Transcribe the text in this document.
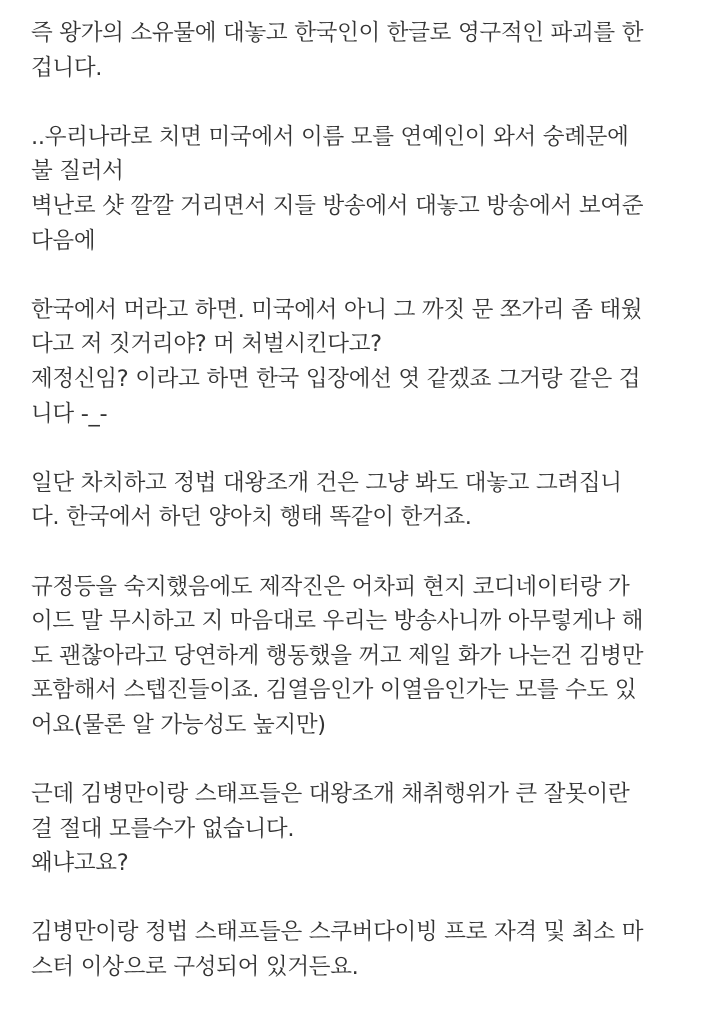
즉 왕가의 소유물에 대놓고 한국인이 한글로 영구적인 파괴를 한
겁니다.
..우리나라로 치면 미국에서 이름 모를 연예인이 와서 숭례문에
불 질러서
벽난로 샷 깔깔 거리면서 지들 방송에서 대놓고 방송에서 보여준
다음에
한국에서 머라고 하면. 미국에서 아니 그 까짓 문 쪼가리 좀 태웠
다고 저 짓거리야? 머 처벌시킨다고?
제정신임? 이라고 하면 한국 입장에선 엿 같겠죠 그거랑 같은 겁
니다 -_-
일단 차치하고 정법 대왕조개 건은 그냥 봐도 대놓고 그려집니
다. 한국에서 하던 양아치 행태 똑같이 한거죠.
규정등을 숙지했음에도 제작진은 어차피 현지 코디네이터랑 가
이드 말 무시하고 지 마음대로 우리는 방송사니까 아무렇게나 해
도 괜찮아라고 당연하게 행동했을 꺼고 제일 화가 나는건 김병만
포함해서 스텝진들이죠. 김열음인가 이열음인가는 모를 수도 있
어요(물론 알 가능성도 높지만)
근데 김병만이랑 스태프들은 대왕조개 채취행위가 큰 잘못이란
걸 절대 모를수가 없습니다.
왜냐고요?
김병만이랑 정법 스태프들은 스쿠버다이빙 프로 자격 및 최소 마
스터 이상으로 구성되어 있거든요.
